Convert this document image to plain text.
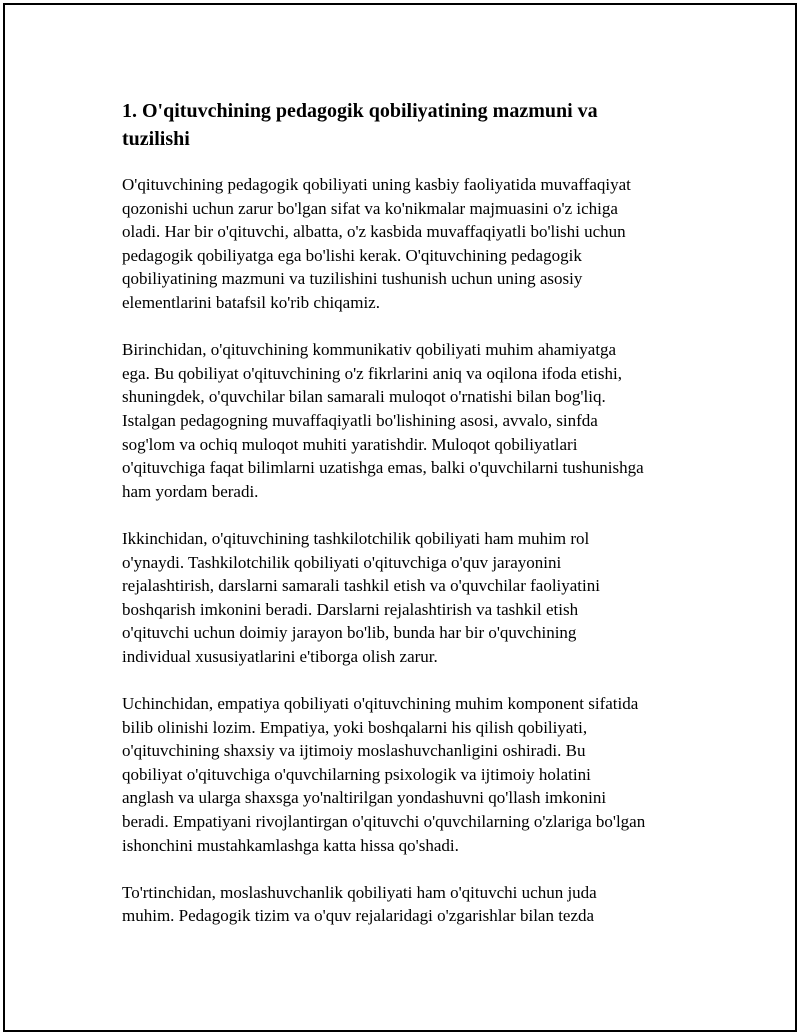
1. O'qituvchining pedagogik qobiliyatining mazmuni va
tuzilishi

O'qituvchining pedagogik qobiliyati uning kasbiy faoliyatida muvaffaqiyat
qozonishi uchun zarur bo'lgan sifat va ko'nikmalar majmuasini o'z ichiga
oladi. Har bir o'qituvchi, albatta, o'z kasbida muvaffaqiyatli bo'lishi uchun
pedagogik qobiliyatga ega bo'lishi kerak. O'qituvchining pedagogik
qobiliyatining mazmuni va tuzilishini tushunish uchun uning asosiy
elementlarini batafsil ko'rib chiqamiz.

Birinchidan, o'qituvchining kommunikativ qobiliyati muhim ahamiyatga
ega. Bu qobiliyat o'qituvchining o'z fikrlarini aniq va oqilona ifoda etishi,
shuningdek, o'quvchilar bilan samarali muloqot o'rnatishi bilan bog'liq.
Istalgan pedagogning muvaffaqiyatli bo'lishining asosi, avvalo, sinfda
sog'lom va ochiq muloqot muhiti yaratishdir. Muloqot qobiliyatlari
o'qituvchiga faqat bilimlarni uzatishga emas, balki o'quvchilarni tushunishga
ham yordam beradi.

Ikkinchidan, o'qituvchining tashkilotchilik qobiliyati ham muhim rol
o'ynaydi. Tashkilotchilik qobiliyati o'qituvchiga o'quv jarayonini
rejalashtirish, darslarni samarali tashkil etish va o'quvchilar faoliyatini
boshqarish imkonini beradi. Darslarni rejalashtirish va tashkil etish
o'qituvchi uchun doimiy jarayon bo'lib, bunda har bir o'quvchining
individual xususiyatlarini e'tiborga olish zarur.

Uchinchidan, empatiya qobiliyati o'qituvchining muhim komponent sifatida
bilib olinishi lozim. Empatiya, yoki boshqalarni his qilish qobiliyati,
o'qituvchining shaxsiy va ijtimoiy moslashuvchanligini oshiradi. Bu
qobiliyat o'qituvchiga o'quvchilarning psixologik va ijtimoiy holatini
anglash va ularga shaxsga yo'naltirilgan yondashuvni qo'llash imkonini
beradi. Empatiyani rivojlantirgan o'qituvchi o'quvchilarning o'zlariga bo'lgan
ishonchini mustahkamlashga katta hissa qo'shadi.

To'rtinchidan, moslashuvchanlik qobiliyati ham o'qituvchi uchun juda
muhim. Pedagogik tizim va o'quv rejalaridagi o'zgarishlar bilan tezda
